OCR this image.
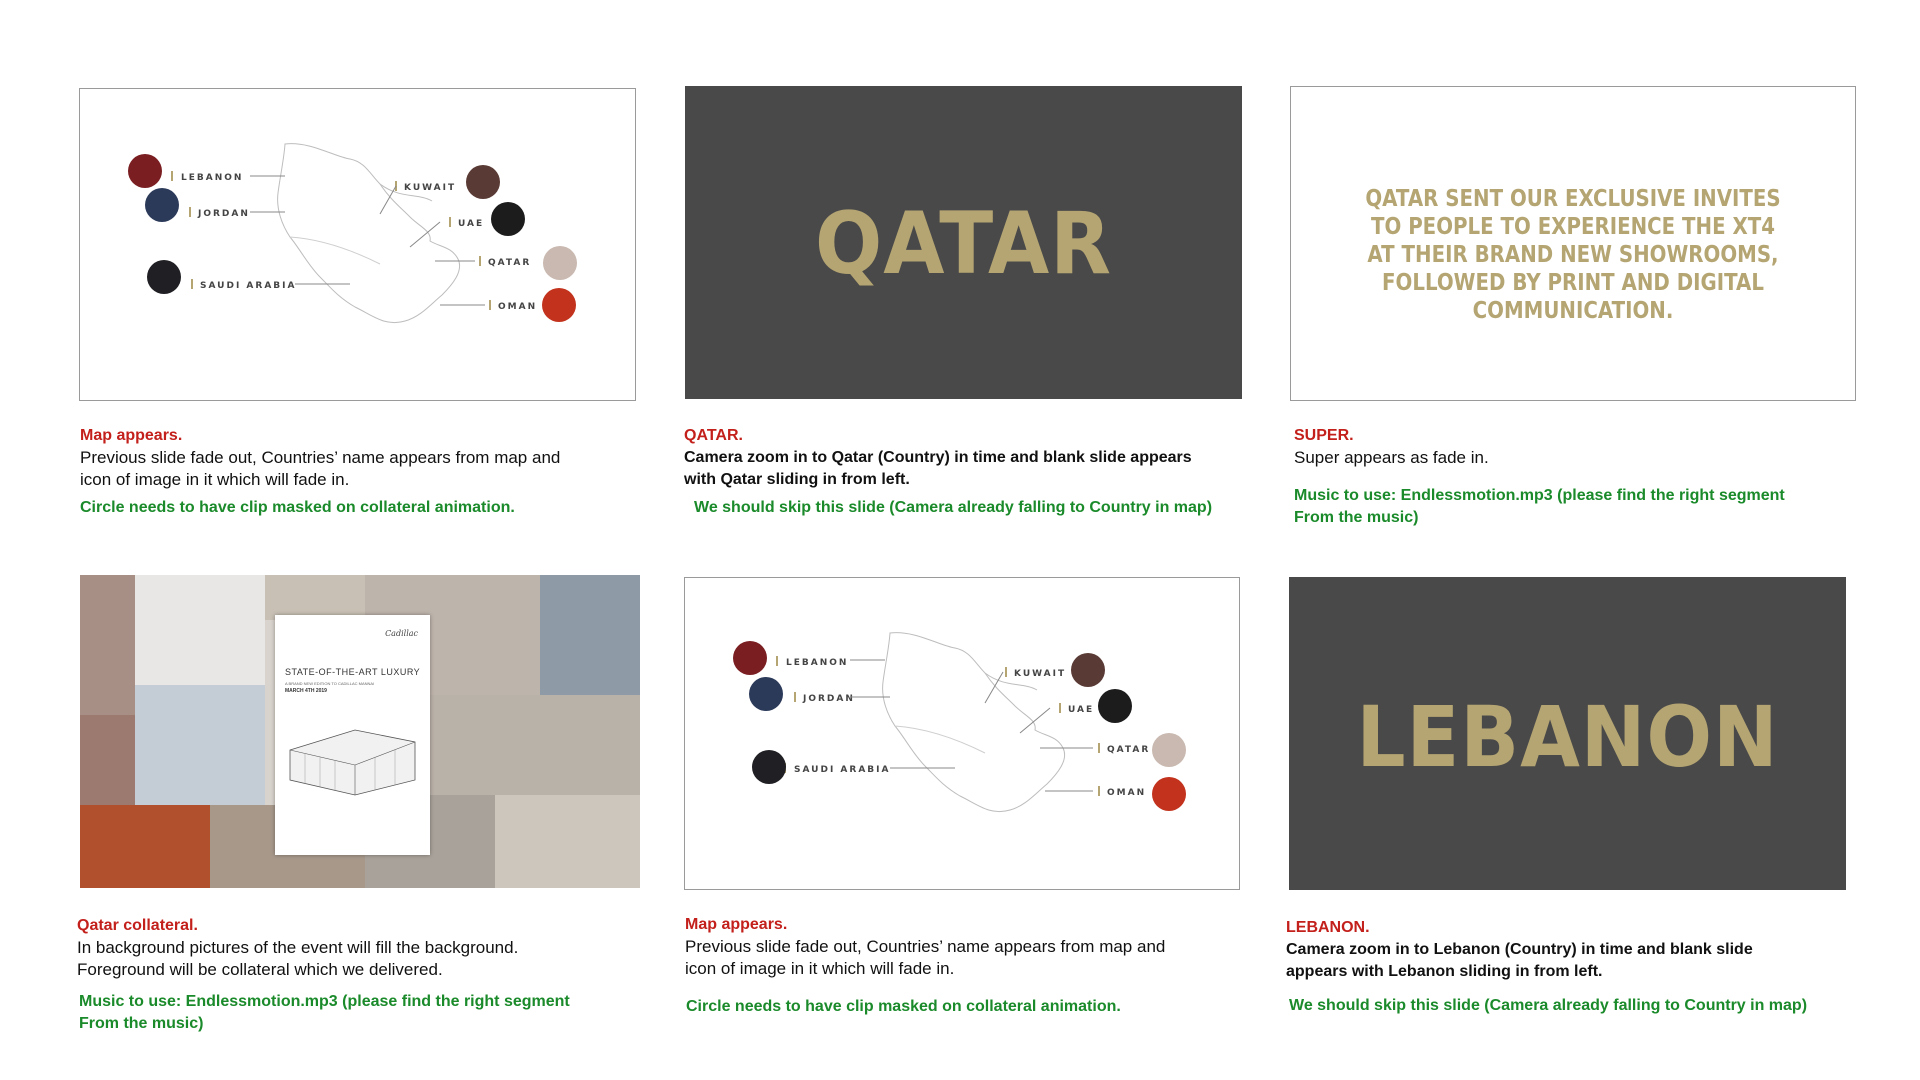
LEBANON
JORDAN
SAUDI ARABIA
KUWAIT
UAE
QATAR
OMAN
QATAR	QATAR SENT OUR EXCLUSIVE INVITES TO PEOPLE TO EXPERIENCE THE XT4 AT THEIR BRAND NEW SHOWROOMS, FOLLOWED BY PRINT AND DIGITAL COMMUNICATION.
Map appears.
Previous slide fade out, Countries’ name appears from map and
icon of image in it which will fade in.
Circle needs to have clip masked on collateral animation.
QATAR.
Camera zoom in to Qatar (Country) in time and blank slide appears
with Qatar sliding in from left.
We should skip this slide (Camera already falling to Country in map)
SUPER.
Super appears as fade in.
Music to use: Endlessmotion.mp3 (please find the right segment
From the music)
Cadillac
STATE-OF-THE-ART LUXURY
A BRAND NEW EDITION TO CADILLAC MANNAI
MARCH 4TH 2019
LEBANON
JORDAN
SAUDI ARABIA
KUWAIT
UAE
QATAR
OMAN
LEBANON
Qatar collateral.
In background pictures of the event will fill the background.
Foreground will be collateral which we delivered.
Music to use: Endlessmotion.mp3 (please find the right segment
From the music)
Map appears.
Previous slide fade out, Countries’ name appears from map and
icon of image in it which will fade in.
Circle needs to have clip masked on collateral animation.
LEBANON.
Camera zoom in to Lebanon (Country) in time and blank slide
appears with Lebanon sliding in from left.
We should skip this slide (Camera already falling to Country in map)
